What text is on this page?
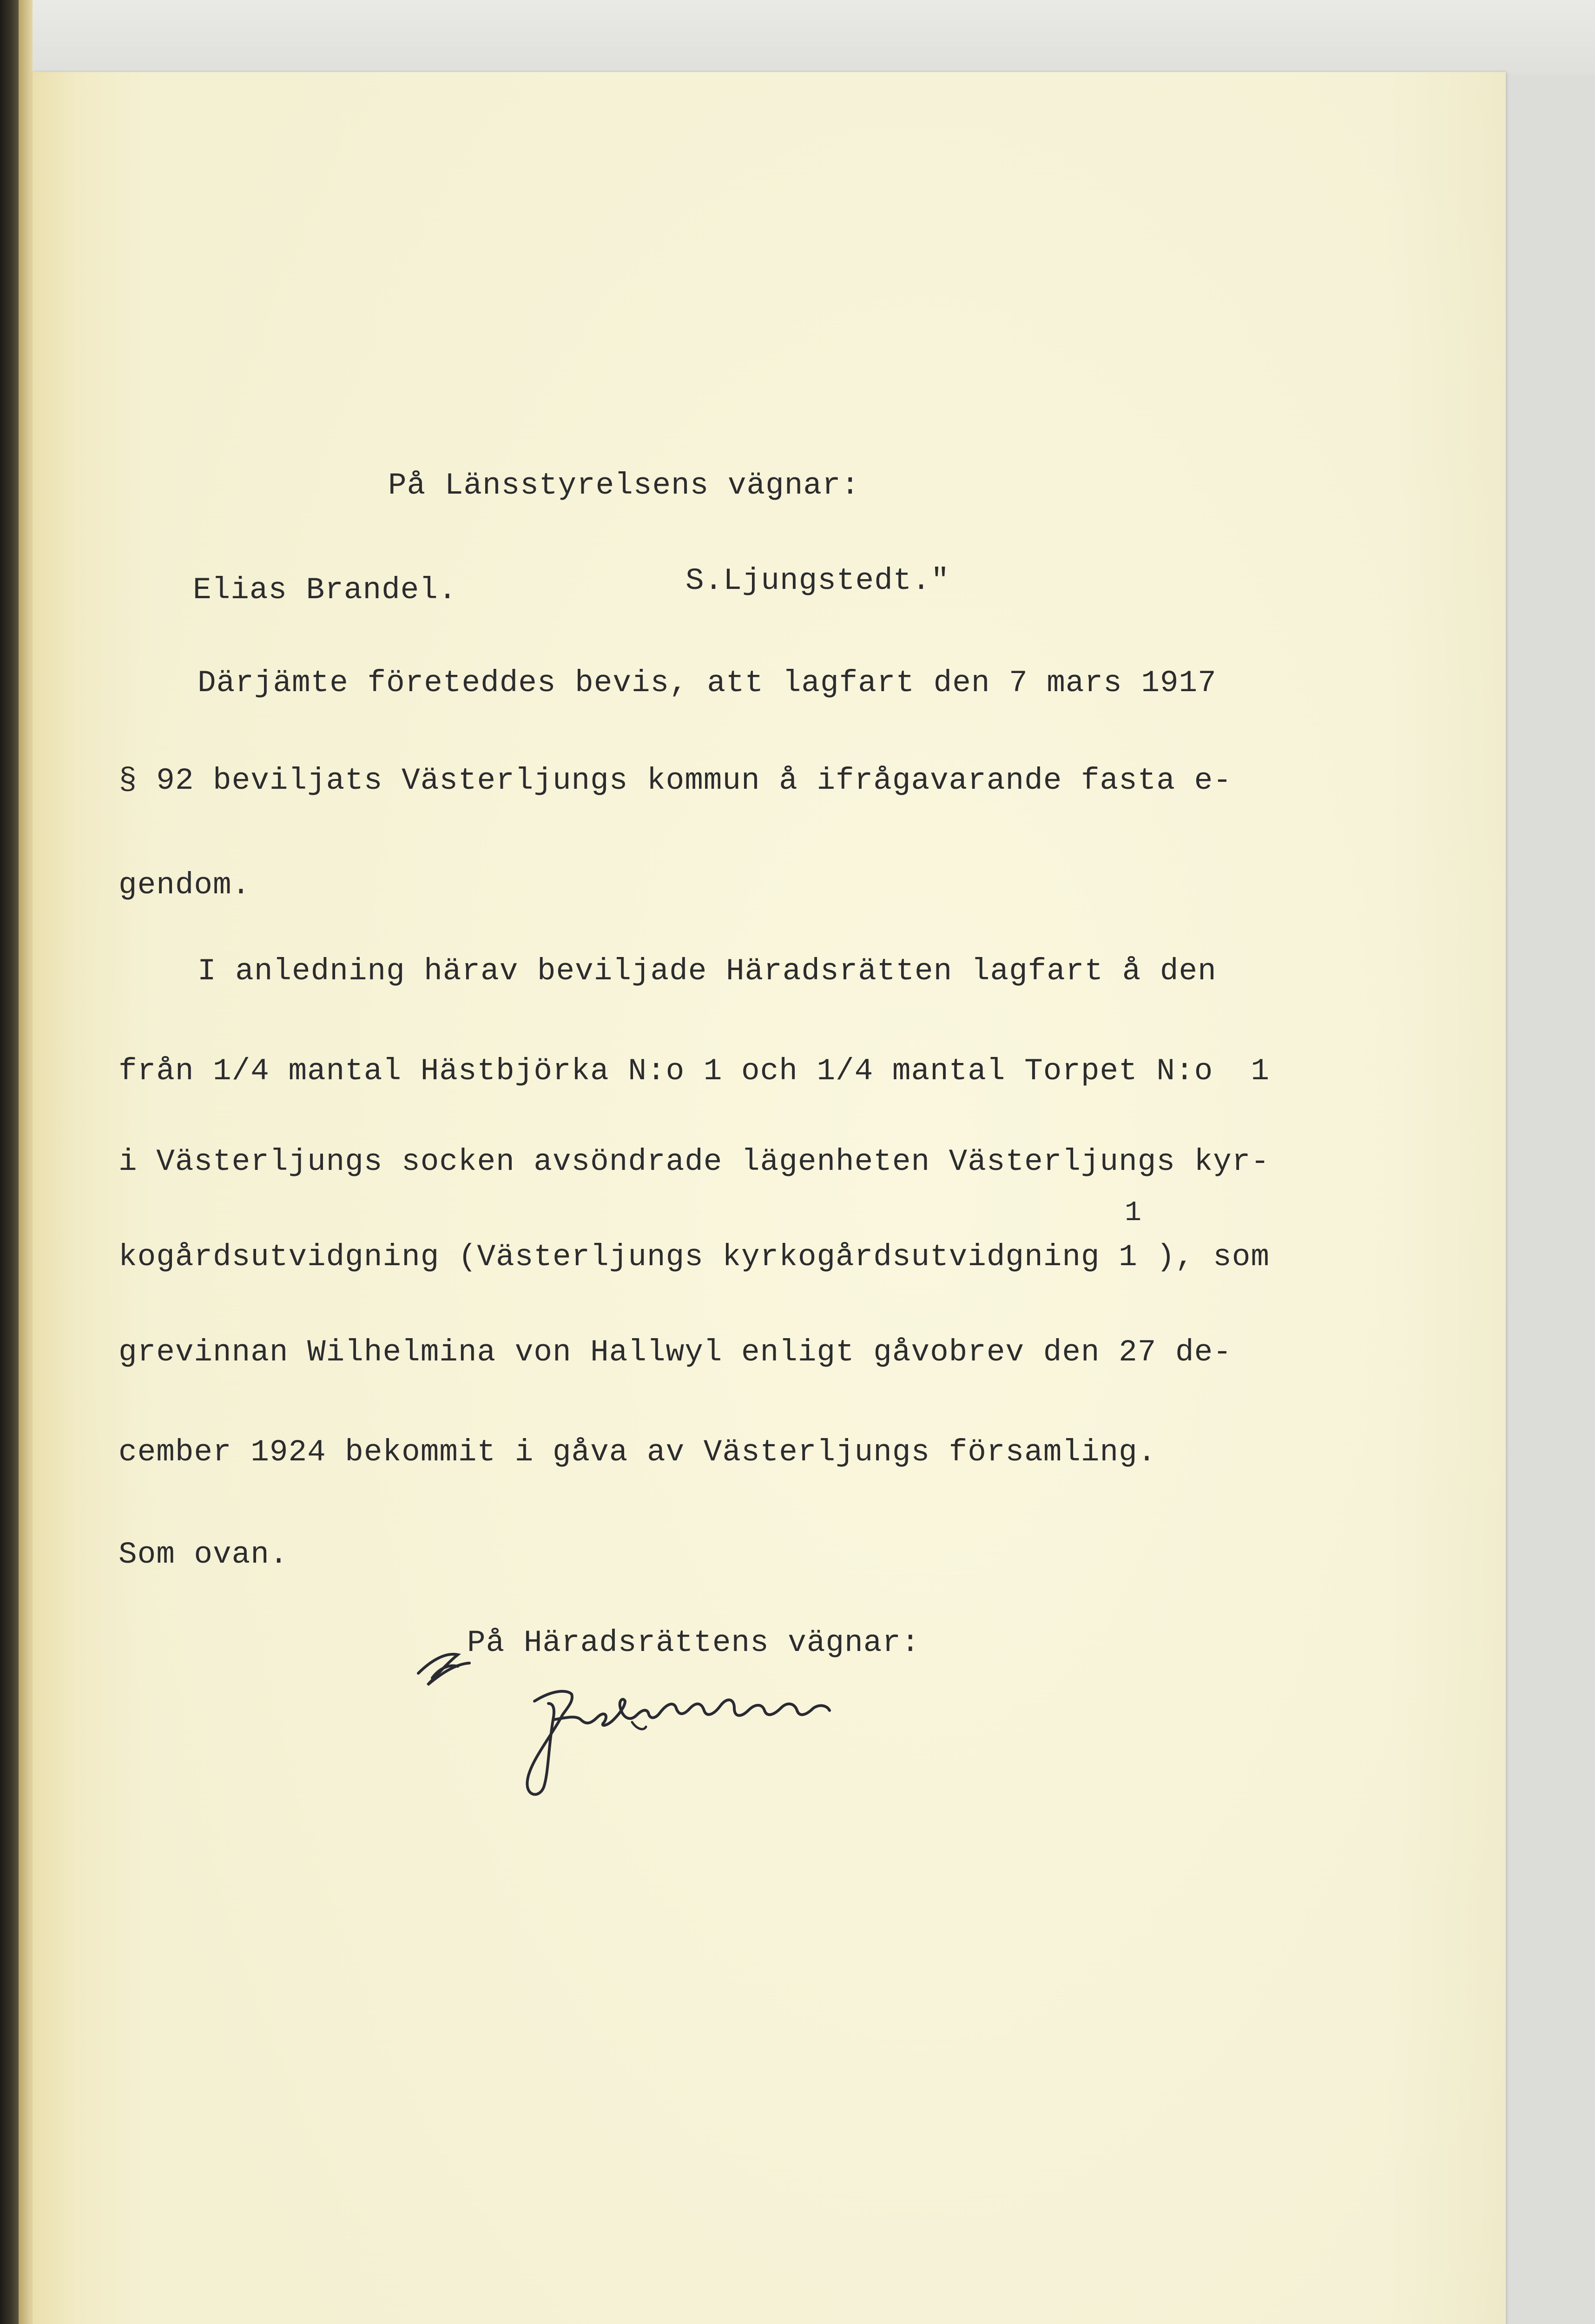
På Länsstyrelsens vägnar:

Elias Brandel.	S.Ljungstedt."

Därjämte företeddes bevis, att lagfart den 7 mars 1917

§ 92 beviljats Västerljungs kommun å ifrågavarande fasta e-

gendom.

I anledning härav beviljade Häradsrätten lagfart å den

från 1/4 mantal Hästbjörka N:o 1 och 1/4 mantal Torpet N:o  1

i Västerljungs socken avsöndrade lägenheten Västerljungs kyr-

1

kogårdsutvidgning (Västerljungs kyrkogårdsutvidgning 1 ), som

grevinnan Wilhelmina von Hallwyl enligt gåvobrev den 27 de-

cember 1924 bekommit i gåva av Västerljungs församling.

Som ovan.

På Häradsrättens vägnar:
